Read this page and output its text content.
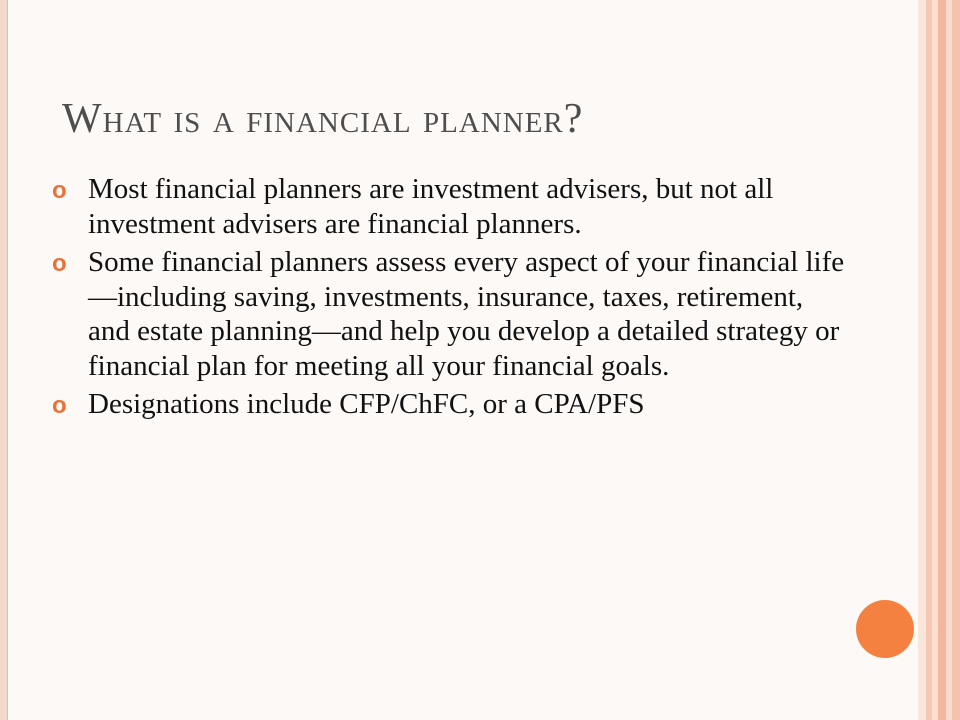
What is a financial planner?
o Most financial planners are investment advisers, but not all investment advisers are financial planners.
o Some financial planners assess every aspect of your financial life—including saving, investments, insurance, taxes, retirement, and estate planning—and help you develop a detailed strategy or financial plan for meeting all your financial goals.
o Designations include CFP/ChFC, or a CPA/PFS
